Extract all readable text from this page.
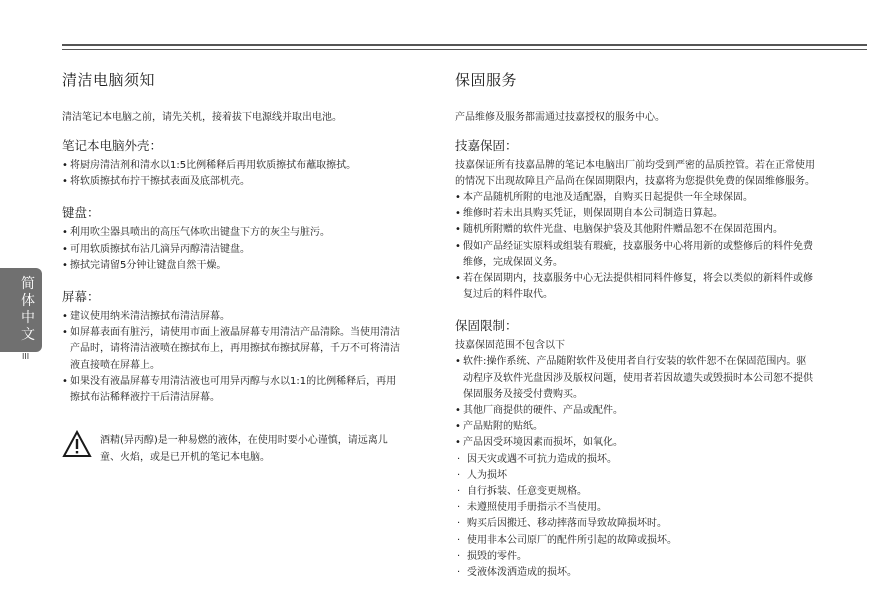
简
体
中
文
III
清洁电脑须知

清洁笔记本电脑之前，请先关机，接着拔下电源线并取出电池。

笔记本电脑外壳：
• 将厨房清洁剂和清水以1:5比例稀释后再用软质擦拭布蘸取擦拭。
• 将软质擦拭布拧干擦拭表面及底部机壳。
键盘：
• 利用吹尘器具喷出的高压气体吹出键盘下方的灰尘与脏污。
• 可用软质擦拭布沾几滴异丙醇清洁键盘。
• 擦拭完请留5分钟让键盘自然干燥。
屏幕：
• 建议使用纳米清洁擦拭布清洁屏幕。
• 如屏幕表面有脏污，请使用市面上液晶屏幕专用清洁产品清除。当使用清洁产品时，请将清洁液喷在擦拭布上，再用擦拭布擦拭屏幕，千万不可将清洁液直接喷在屏幕上。
• 如果没有液晶屏幕专用清洁液也可用异丙醇与水以1:1的比例稀释后，再用擦拭布沾稀释液拧干后清洁屏幕。
酒精(异丙醇)是一种易燃的液体，在使用时要小心谨慎，请远离儿童、火焰，或是已开机的笔记本电脑。
保固服务

产品维修及服务都需通过技嘉授权的服务中心。

技嘉保固：

技嘉保证所有技嘉品牌的笔记本电脑出厂前均受到严密的品质控管。若在正常使用的情况下出现故障且产品尚在保固期限内，技嘉将为您提供免费的保固维修服务。

• 本产品随机所附的电池及适配器，自购买日起提供一年全球保固。
• 维修时若未出具购买凭证，则保固期自本公司制造日算起。
• 随机所附赠的软件光盘、电脑保护袋及其他附件赠品恕不在保固范围内。
• 假如产品经证实原料或组装有瑕疵，技嘉服务中心将用新的或整修后的料件免费维修，完成保固义务。
• 若在保固期内，技嘉服务中心无法提供相同料件修复，将会以类似的新料件或修复过后的料件取代。
保固限制：

技嘉保固范围不包含以下

• 软件:操作系统、产品随附软件及使用者自行安装的软件恕不在保固范围内。驱动程序及软件光盘因涉及版权问题，使用者若因故遗失或毁损时本公司恕不提供保固服务及接受付费购买。
• 其他厂商提供的硬件、产品或配件。
• 产品贴附的贴纸。
• 产品因受环境因素而损坏，如氧化。
· 因天灾或遇不可抗力造成的损坏。
· 人为损坏
· 自行拆装、任意变更规格。
· 未遵照使用手册指示不当使用。
· 购买后因搬迁、移动摔落而导致故障损坏时。
· 使用非本公司原厂的配件所引起的故障或损坏。
· 损毁的零件。
· 受液体泼洒造成的损坏。
